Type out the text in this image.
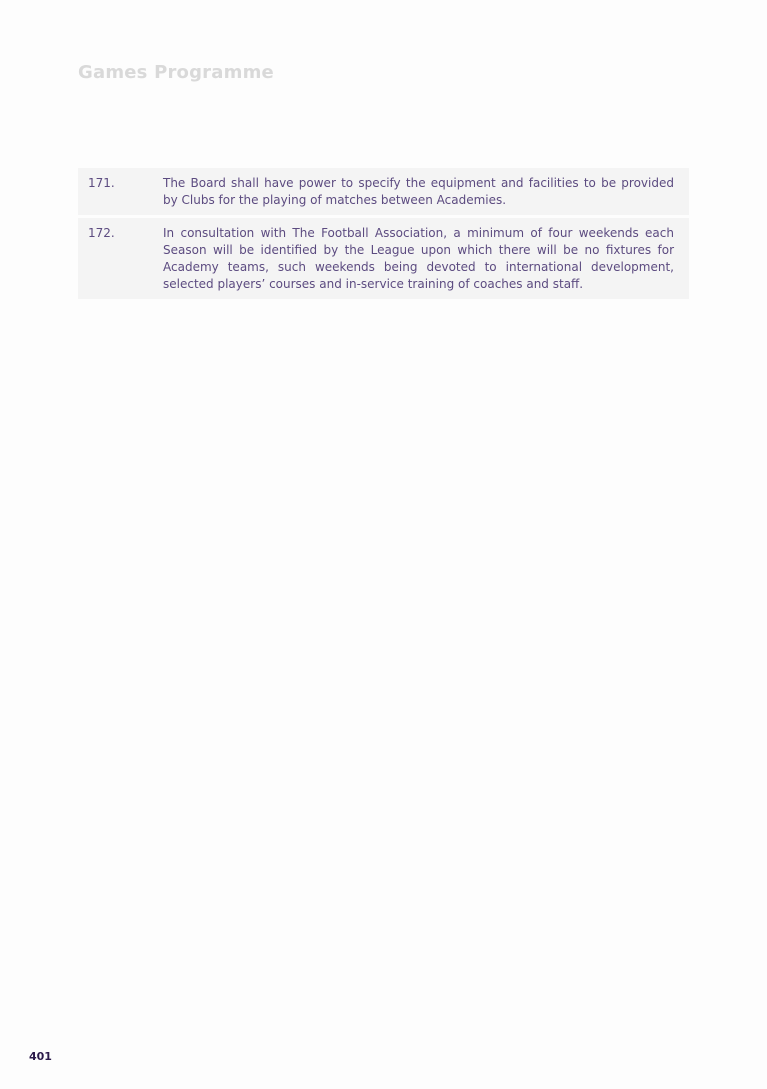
Games Programme
171.	The Board shall have power to specify the equipment and facilities to be provided by Clubs for the playing of matches between Academies.

172.	In consultation with The Football Association, a minimum of four weekends each Season will be identified by the League upon which there will be no fixtures for Academy teams, such weekends being devoted to international development, selected players’ courses and in-service training of coaches and staff.

401
